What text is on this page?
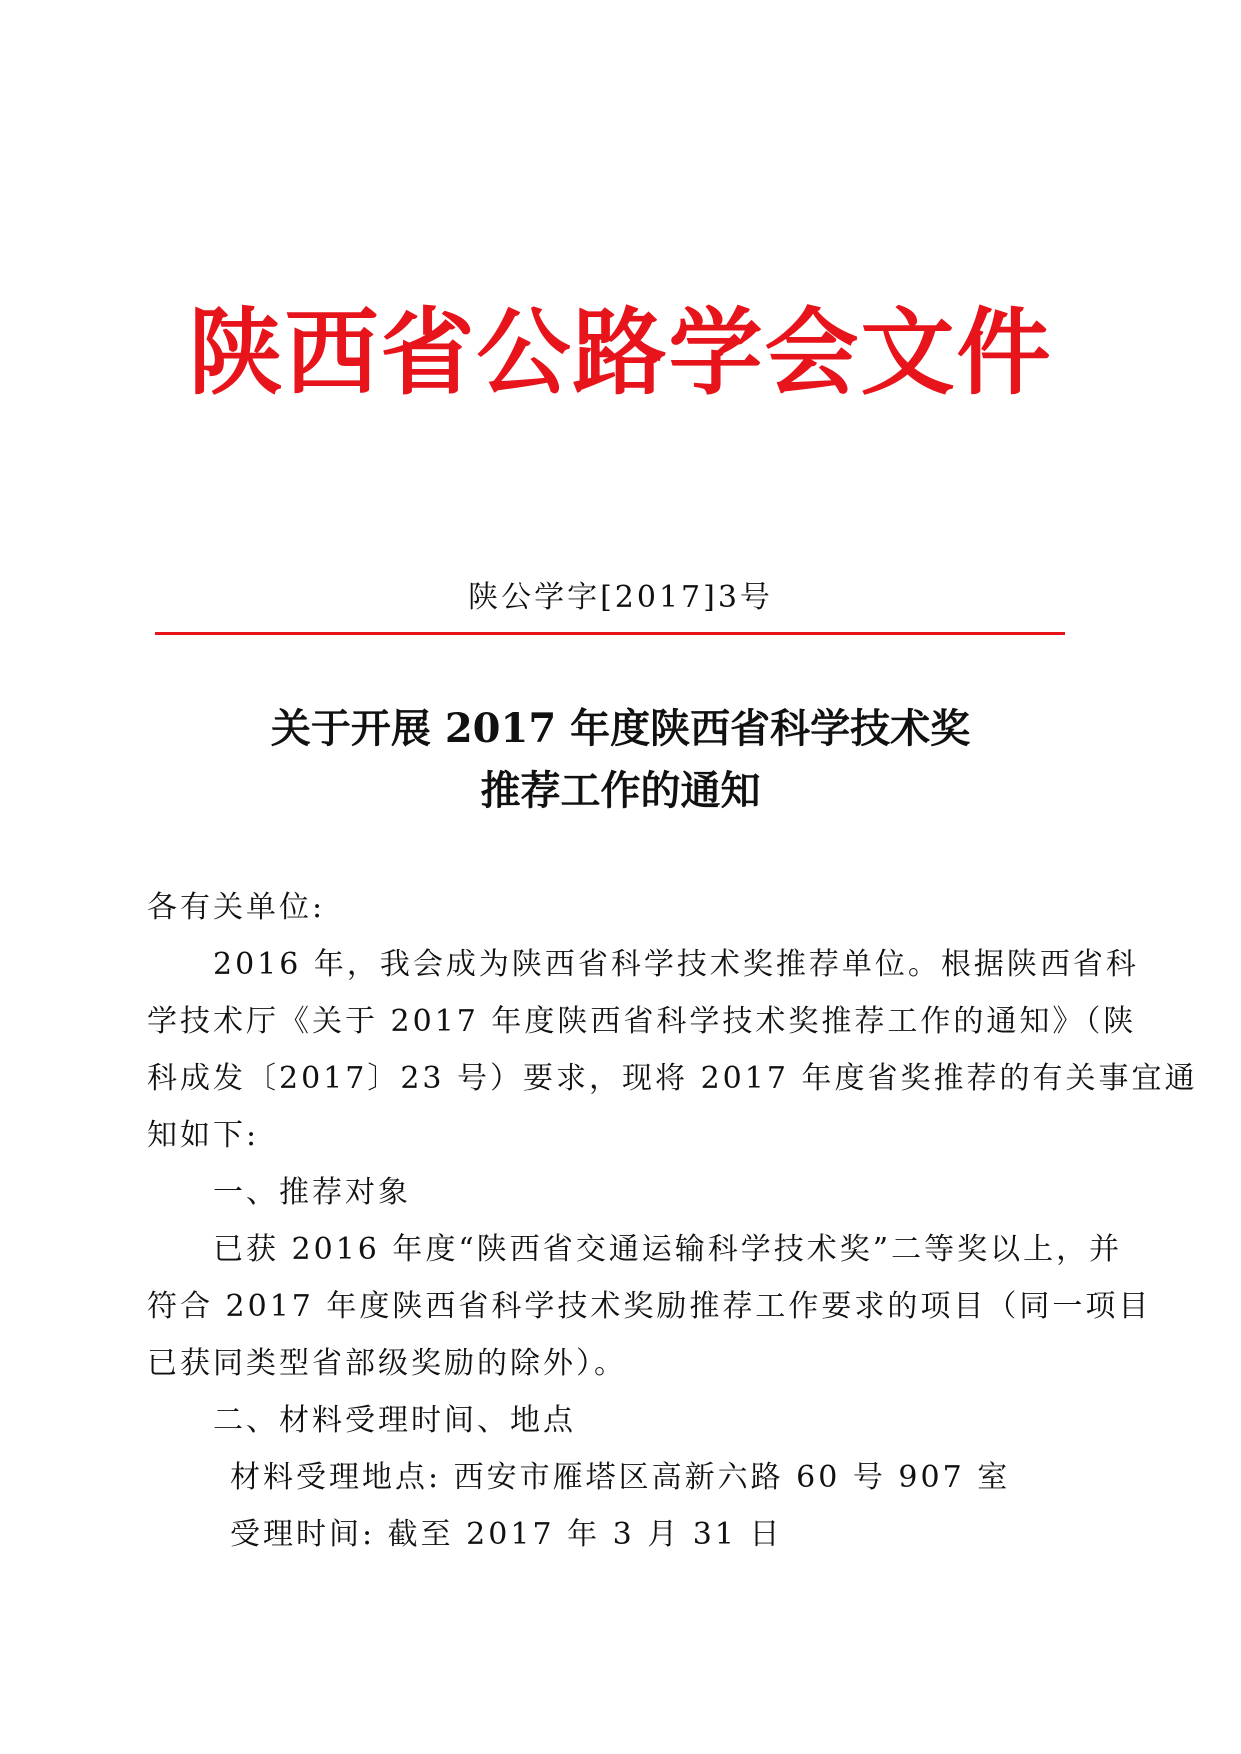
陕西省公路学会文件
陕公学字[2017]3号
关于开展 2017 年度陕西省科学技术奖
推荐工作的通知
各有关单位:
2016 年，我会成为陕西省科学技术奖推荐单位。根据陕西省科
学技术厅《关于 2017 年度陕西省科学技术奖推荐工作的通知》（陕
科成发〔2017〕23 号）要求，现将 2017 年度省奖推荐的有关事宜通
知如下:
一、推荐对象
已获 2016 年度“陕西省交通运输科学技术奖”二等奖以上，并
符合 2017 年度陕西省科学技术奖励推荐工作要求的项目（同一项目
已获同类型省部级奖励的除外）。
二、材料受理时间、地点
材料受理地点: 西安市雁塔区高新六路 60 号 907 室
受理时间: 截至 2017 年 3 月 31 日
